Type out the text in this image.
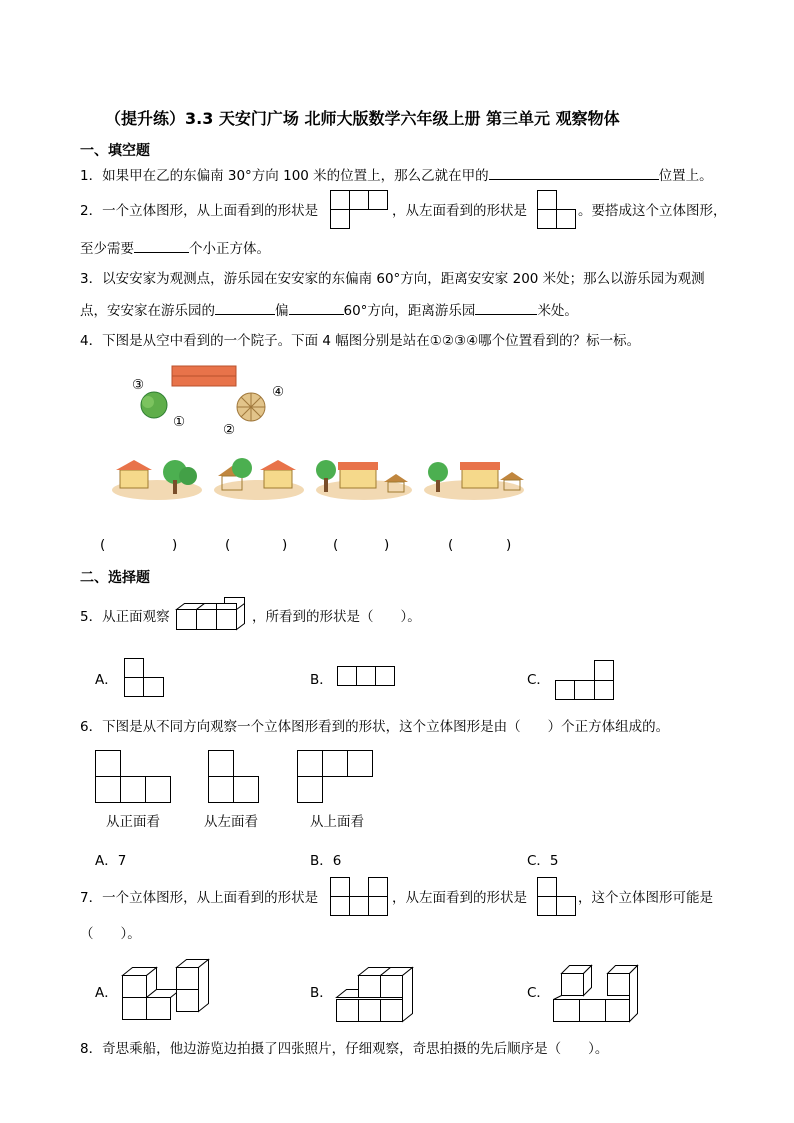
（提升练）3.3 天安门广场 北师大版数学六年级上册 第三单元 观察物体
一、填空题
1．如果甲在乙的东偏南 30°方向 100 米的位置上，那么乙就在甲的	位置上。
2．一个立体图形，从上面看到的形状是	，从左面看到的形状是	。要搭成这个立体图形，
至少需要	个小正方体。
3．以安安家为观测点，游乐园在安安家的东偏南 60°方向，距离安安家 200 米处；那么以游乐园为观测
点，安安家在游乐园的	偏	60°方向，距离游乐园	米处。
4．下图是从空中看到的一个院子。下面 4 幅图分别是站在①②③④哪个位置看到的？标一标。
③
①	②
④
(	)	(	)	(	)	(	)
二、选择题
5．从正面观察	，所看到的形状是（　　）。
A．	B．	C．
6．下图是从不同方向观察一个立体图形看到的形状，这个立体图形是由（　　）个正方体组成的。
从正面看	从左面看	从上面看
A．7	B．6	C．5
7．一个立体图形，从上面看到的形状是	，从左面看到的形状是	，这个立体图形可能是
（　　）。
A．	B．	C．
8．奇思乘船，他边游览边拍摄了四张照片，仔细观察，奇思拍摄的先后顺序是（　　）。
